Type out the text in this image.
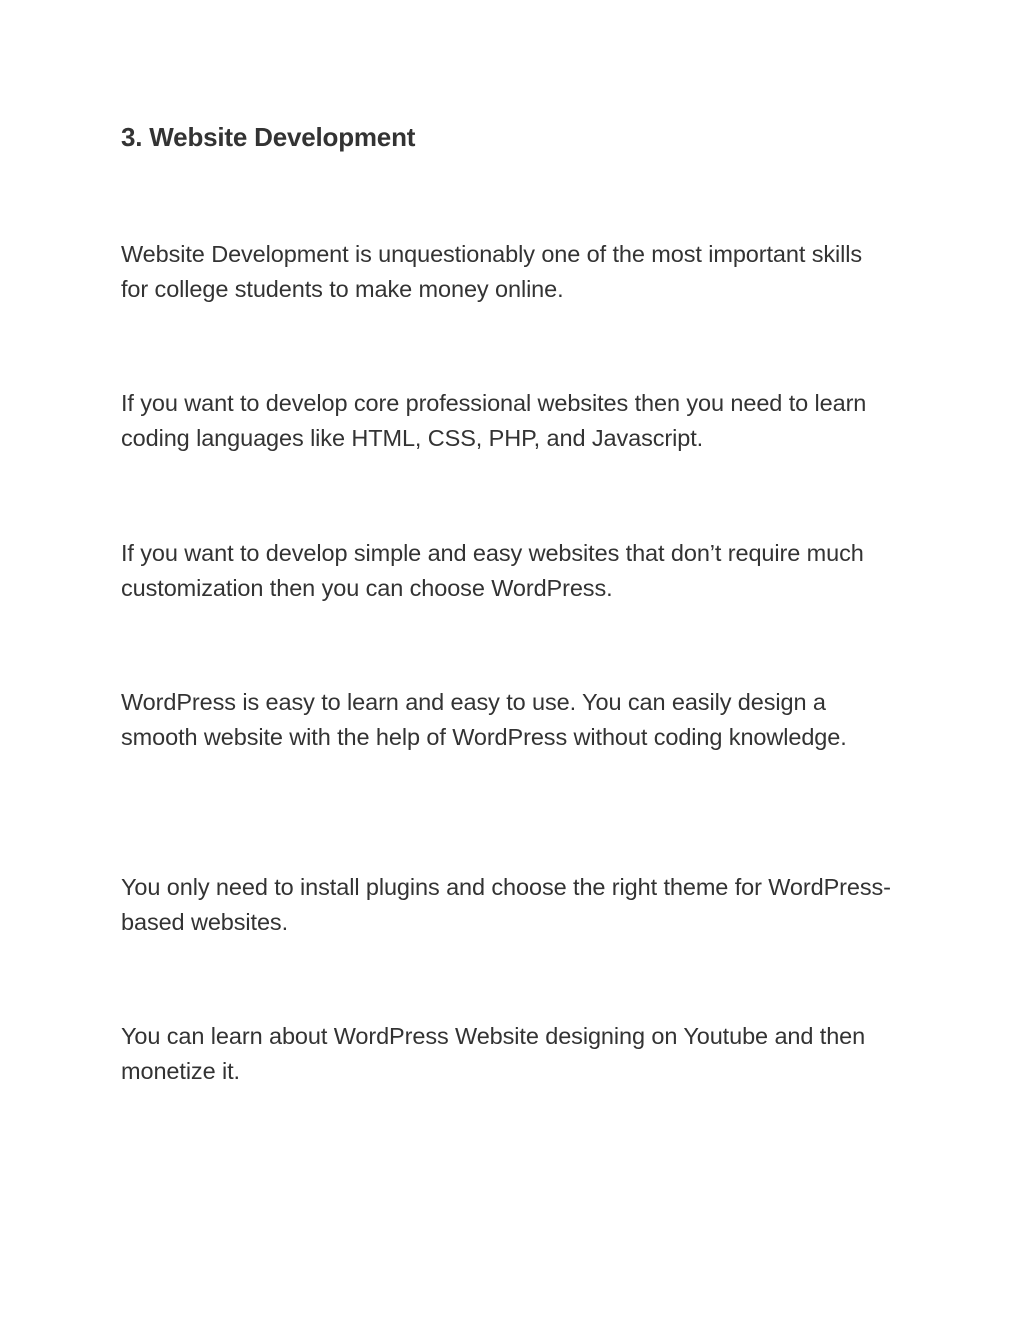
3. Website Development

Website Development is unquestionably one of the most important skills for college students to make money online.

If you want to develop core professional websites then you need to learn coding languages like HTML, CSS, PHP, and Javascript.

If you want to develop simple and easy websites that don’t require much customization then you can choose WordPress.

WordPress is easy to learn and easy to use. You can easily design a smooth website with the help of WordPress without coding knowledge.

You only need to install plugins and choose the right theme for WordPress-based websites.

You can learn about WordPress Website designing on Youtube and then monetize it.
